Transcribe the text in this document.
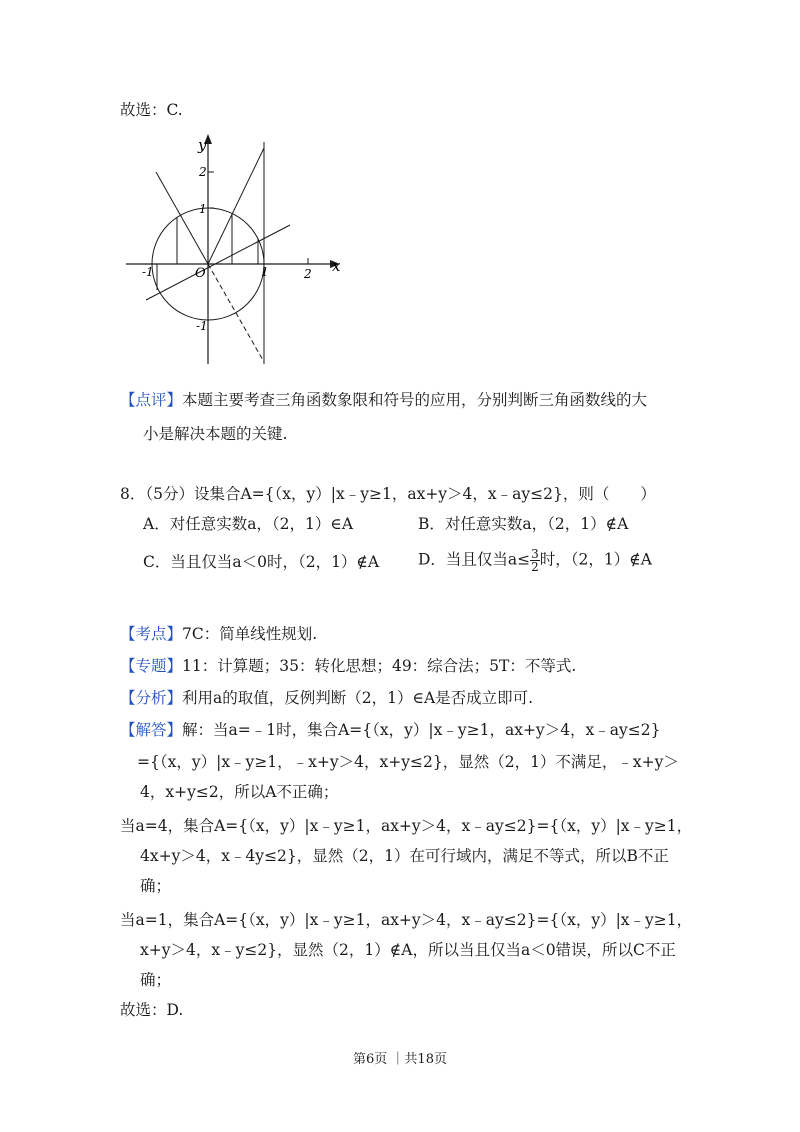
故选：C.
y
x
O
-1	1	2
2
1
-1
【点评】本题主要考查三角函数象限和符号的应用，分别判断三角函数线的大
小是解决本题的关键.
8．（5分）设集合A={（x，y）|x﹣y≥1，ax+y＞4，x﹣ay≤2}，则（　　）
A．对任意实数a，（2，1）∈A	B．对任意实数a，（2，1）∉A
C．当且仅当a＜0时，（2，1）∉A	D．当且仅当$a\le \frac{3}{2}$ 时，（2，1）∉A
【考点】7C：简单线性规划.
【专题】11：计算题；35：转化思想；49：综合法；5T：不等式.
【分析】利用a的取值，反例判断（2，1）∈A是否成立即可.
【解答】解：当a=﹣1时，集合A={（x，y）|x﹣y≥1，ax+y＞4，x﹣ay≤2}
={（x，y）|x﹣y≥1，﹣x+y＞4，x+y≤2}，显然（2，1）不满足，﹣x+y＞
4，x+y≤2，所以A不正确；
当a=4，集合A={（x，y）|x﹣y≥1，ax+y＞4，x﹣ay≤2}={（x，y）|x﹣y≥1，
4x+y＞4，x﹣4y≤2}，显然（2，1）在可行域内，满足不等式，所以B不正
确；
当a=1，集合A={（x，y）|x﹣y≥1，ax+y＞4，x﹣ay≤2}={（x，y）|x﹣y≥1，
x+y＞4，x﹣y≤2}，显然（2，1）∉A，所以当且仅当a＜0错误，所以C不正
确；
故选：D.
第6页 ｜共18页
